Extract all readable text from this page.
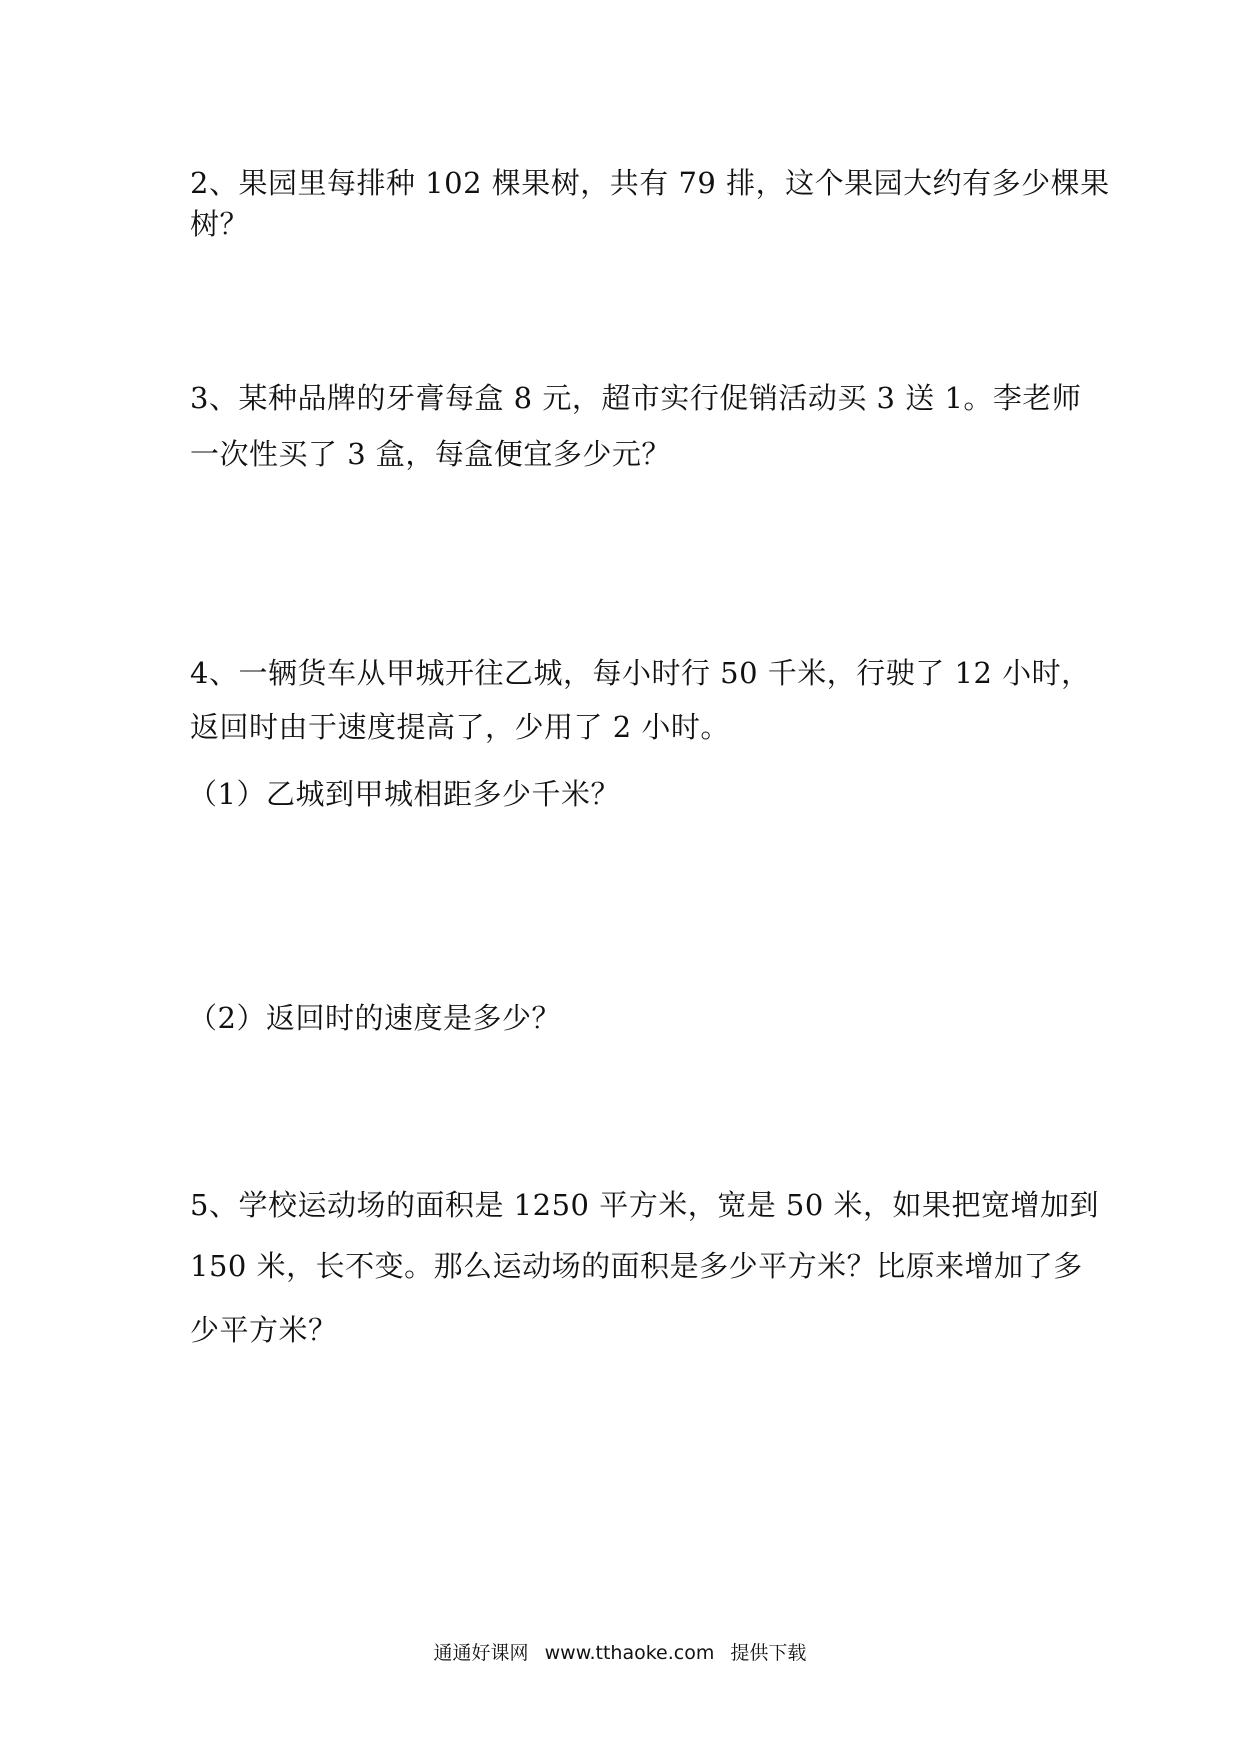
2、果园里每排种 102 棵果树，共有 79 排，这个果园大约有多少棵果
树？
3、某种品牌的牙膏每盒 8 元，超市实行促销活动买 3 送 1。李老师
一次性买了 3 盒，每盒便宜多少元？
4、一辆货车从甲城开往乙城，每小时行 50 千米，行驶了 12 小时，
返回时由于速度提高了，少用了 2 小时。
（1）乙城到甲城相距多少千米？
（2）返回时的速度是多少？
5、学校运动场的面积是 1250 平方米，宽是 50 米，如果把宽增加到
150 米，长不变。那么运动场的面积是多少平方米？比原来增加了多
少平方米？
通通好课网 www.tthaoke.com 提供下载
